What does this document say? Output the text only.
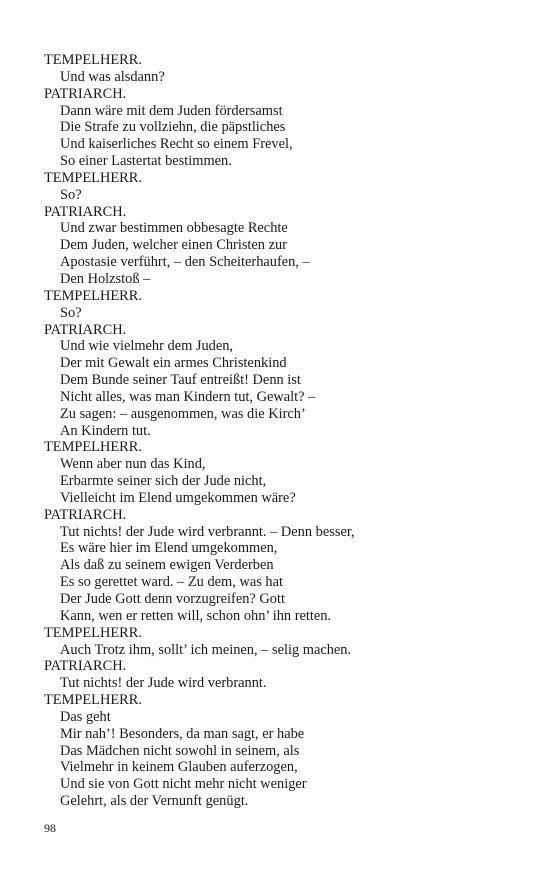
TEMPELHERR.
Und was alsdann?
PATRIARCH.
Dann wäre mit dem Juden fördersamst
Die Strafe zu vollziehn, die päpstliches
Und kaiserliches Recht so einem Frevel,
So einer Lastertat bestimmen.
TEMPELHERR.
So?
PATRIARCH.
Und zwar bestimmen obbesagte Rechte
Dem Juden, welcher einen Christen zur
Apostasie verführt, – den Scheiterhaufen, –
Den Holzstoß –
TEMPELHERR.
So?
PATRIARCH.
Und wie vielmehr dem Juden,
Der mit Gewalt ein armes Christenkind
Dem Bunde seiner Tauf entreißt! Denn ist
Nicht alles, was man Kindern tut, Gewalt? –
Zu sagen: – ausgenommen, was die Kirch’
An Kindern tut.
TEMPELHERR.
Wenn aber nun das Kind,
Erbarmte seiner sich der Jude nicht,
Vielleicht im Elend umgekommen wäre?
PATRIARCH.
Tut nichts! der Jude wird verbrannt. – Denn besser,
Es wäre hier im Elend umgekommen,
Als daß zu seinem ewigen Verderben
Es so gerettet ward. – Zu dem, was hat
Der Jude Gott denn vorzugreifen? Gott
Kann, wen er retten will, schon ohn’ ihn retten.
TEMPELHERR.
Auch Trotz ihm, sollt’ ich meinen, – selig machen.
PATRIARCH.
Tut nichts! der Jude wird verbrannt.
TEMPELHERR.
Das geht
Mir nah’! Besonders, da man sagt, er habe
Das Mädchen nicht sowohl in seinem, als
Vielmehr in keinem Glauben auferzogen,
Und sie von Gott nicht mehr nicht weniger
Gelehrt, als der Vernunft genügt.
98
